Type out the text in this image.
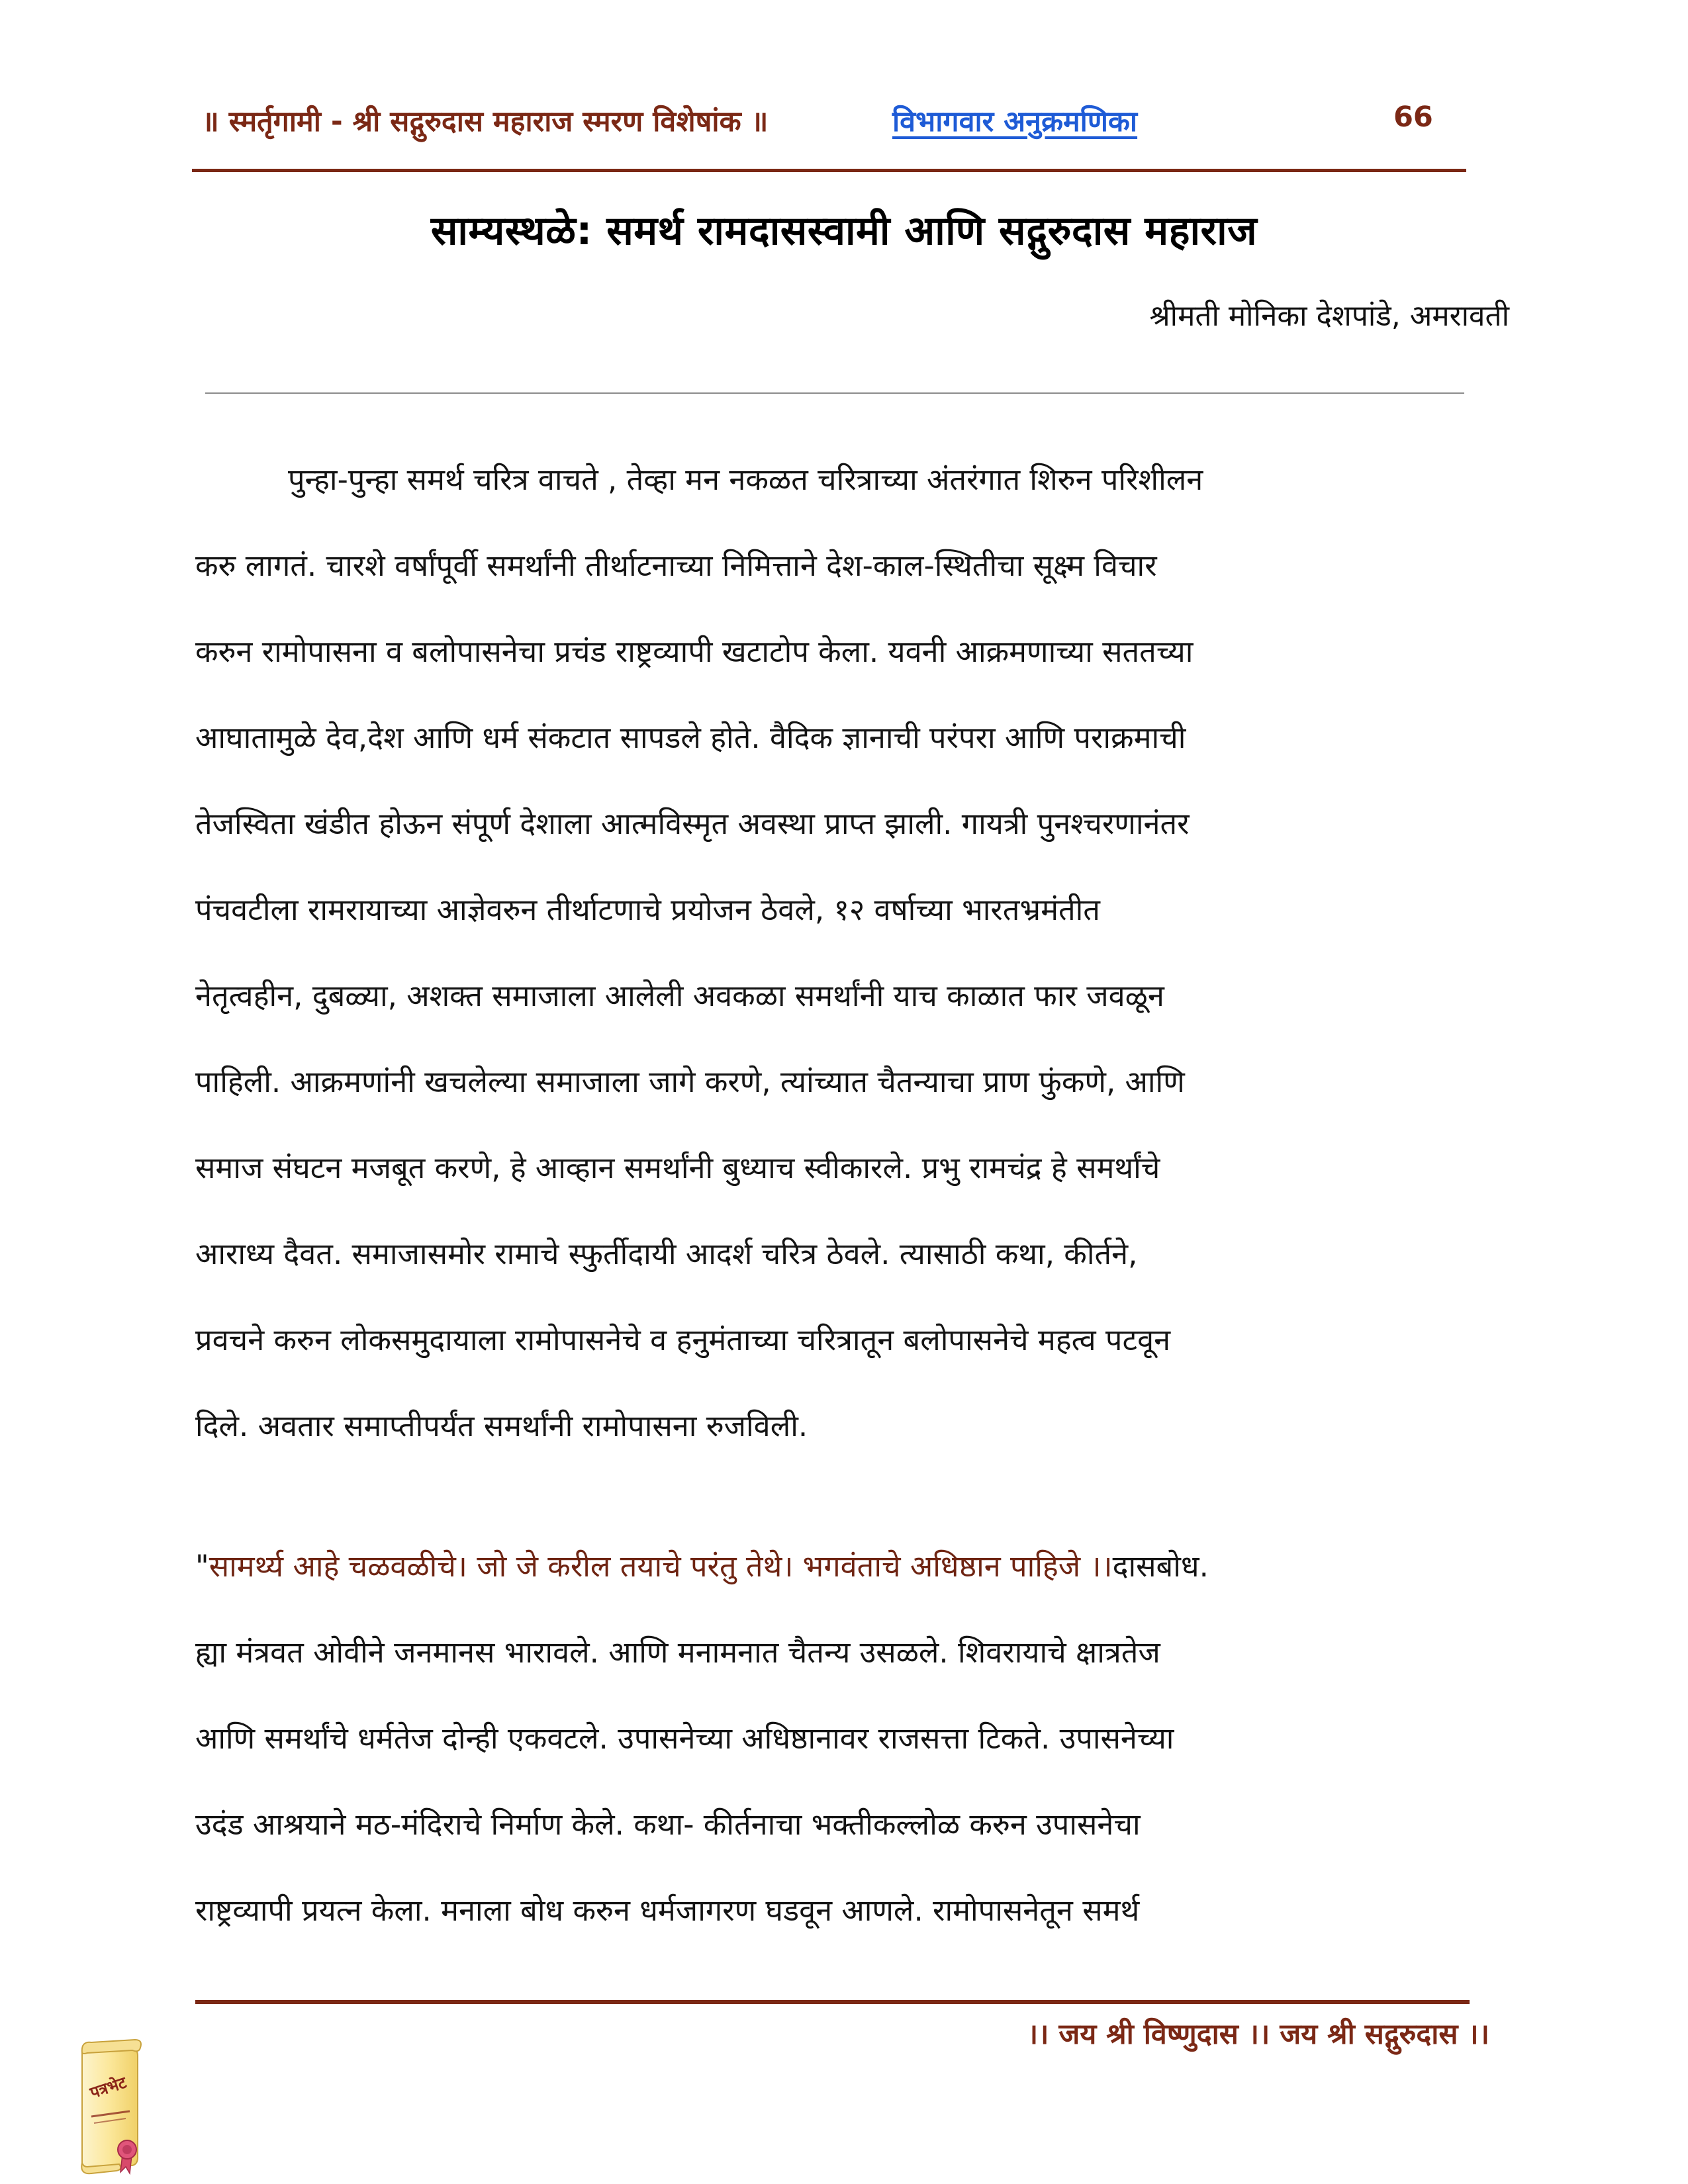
॥ स्मर्तृगामी - श्री सद्गुरुदास महाराज स्मरण विशेषांक ॥	विभागवार अनुक्रमणिका	66
साम्यस्थळे: समर्थ रामदासस्वामी आणि सद्गुरुदास महाराज
श्रीमती मोनिका देशपांडे, अमरावती
पुन्हा-पुन्हा समर्थ चरित्र वाचते , तेव्हा मन नकळत चरित्राच्या अंतरंगात शिरुन परिशीलन
करु लागतं. चारशे वर्षांपूर्वी समर्थांनी तीर्थाटनाच्या निमित्ताने देश-काल-स्थितीचा सूक्ष्म विचार
करुन रामोपासना व बलोपासनेचा प्रचंड राष्ट्रव्यापी खटाटोप केला. यवनी आक्रमणाच्या सततच्या
आघातामुळे देव,देश आणि धर्म संकटात सापडले होते. वैदिक ज्ञानाची परंपरा आणि पराक्रमाची
तेजस्विता खंडीत होऊन संपूर्ण देशाला आत्मविस्मृत अवस्था प्राप्त झाली. गायत्री पुनश्चरणानंतर
पंचवटीला रामरायाच्या आज्ञेवरुन तीर्थाटणाचे प्रयोजन ठेवले, १२ वर्षाच्या भारतभ्रमंतीत
नेतृत्वहीन, दुबळ्या, अशक्त समाजाला आलेली अवकळा समर्थांनी याच काळात फार जवळून
पाहिली. आक्रमणांनी खचलेल्या समाजाला जागे करणे, त्यांच्यात चैतन्याचा प्राण फुंकणे, आणि
समाज संघटन मजबूत करणे, हे आव्हान समर्थांनी बुध्याच स्वीकारले. प्रभु रामचंद्र हे समर्थांचे
आराध्य दैवत. समाजासमोर रामाचे स्फुर्तीदायी आदर्श चरित्र ठेवले. त्यासाठी कथा, कीर्तने,
प्रवचने करुन लोकसमुदायाला रामोपासनेचे व हनुमंताच्या चरित्रातून बलोपासनेचे महत्व पटवून
दिले. अवतार समाप्तीपर्यंत समर्थांनी रामोपासना रुजविली.
"सामर्थ्य आहे चळवळीचे। जो जे करील तयाचे परंतु तेथे। भगवंताचे अधिष्ठान पाहिजे ।।दासबोध.
ह्या मंत्रवत ओवीने जनमानस भारावले. आणि मनामनात चैतन्य उसळले. शिवरायाचे क्षात्रतेज
आणि समर्थांचे धर्मतेज दोन्ही एकवटले. उपासनेच्या अधिष्ठानावर राजसत्ता टिकते. उपासनेच्या
उदंड आश्रयाने मठ-मंदिराचे निर्माण केले. कथा- कीर्तनाचा भक्तीकल्लोळ करुन उपासनेचा
राष्ट्रव्यापी प्रयत्न केला. मनाला बोध करुन धर्मजागरण घडवून आणले. रामोपासनेतून समर्थ
।। जय श्री विष्णुदास ।। जय श्री सद्गुरुदास ।।
पत्रभेट
